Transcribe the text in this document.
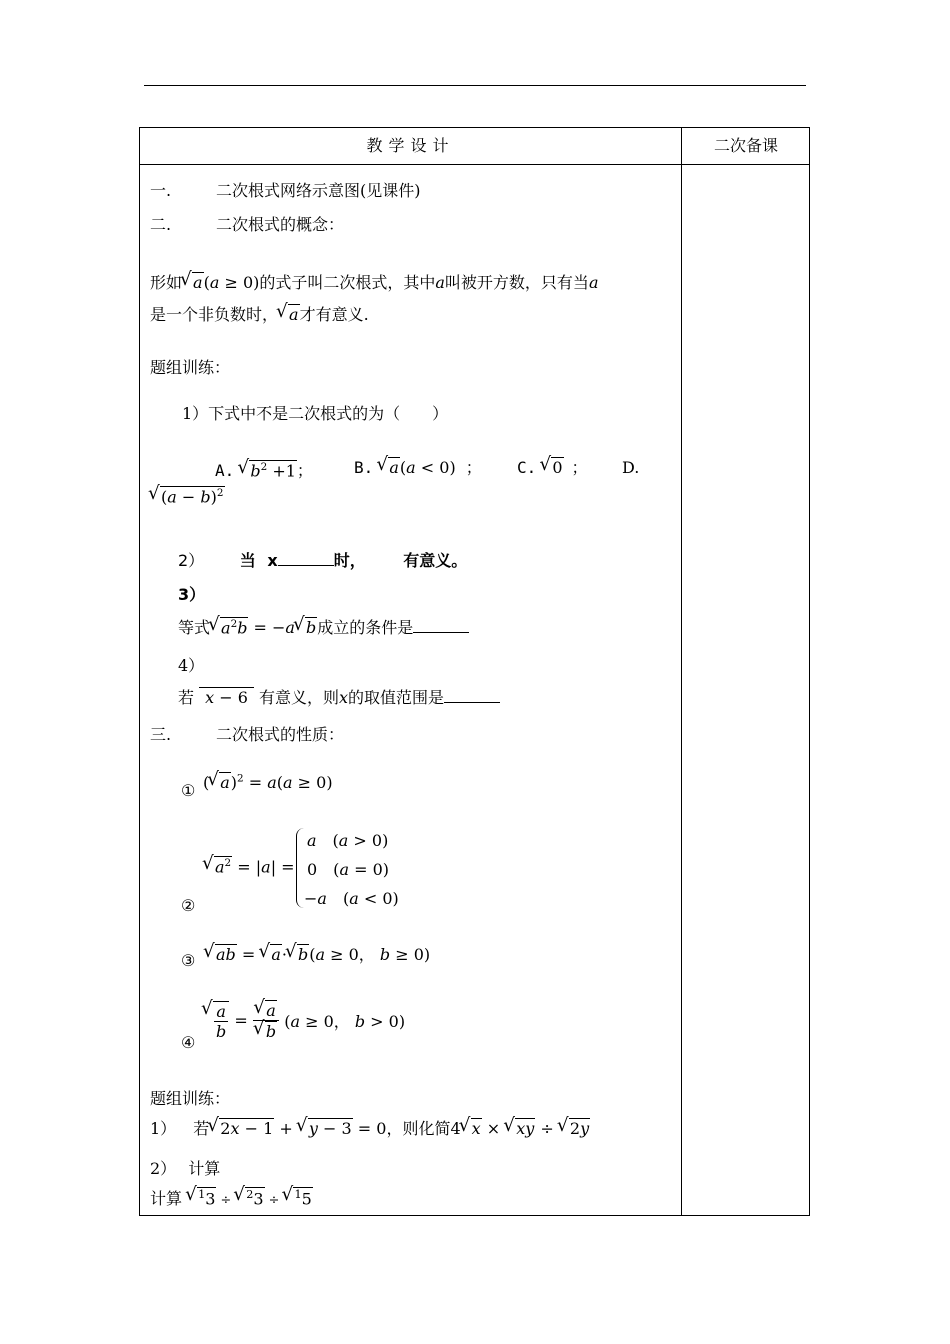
教学设计	二次备课
一.	二次根式网络示意图(见课件)
二.	二次根式的概念：
形如√ a(a ≥ 0)的式子叫二次根式，其中a叫被开方数，只有当a
是一个非负数时，√ a才有意义.
题组训练：
1）下式中不是二次根式的为（　　）
A. √ $b^2 +1$；	B. √ a(a < 0) ； C. √ 0 ； D.
√ $(a - b)^2$
2） 当 x	时， 有意义。
3）
等式√ $a^2b = -a√$ b成立的条件是
4）
若 x − 6 有意义，则x的取值范围是
三.	二次根式的性质：
① (√ a)$^2$ = a(a ≥ 0)
√ $a^2 = |a|$ =
a　(a > 0)
0　(a = 0)
−a　(a < 0)
②
③
√	ab = √ a·√ b(a ≥ 0， b ≥ 0)
④
√ $\frac{a}{b}$ =
√ a
√ b (a ≥ 0， b > 0)
题组训练：
1） 若√ 2x − 1 + √ y − 3 = 0，则化简4√ x × √ xy ÷ √ 2y
2） 计算
计算 √ $^1$3 ÷ √ $^2$3 ÷ √ $^1$5
